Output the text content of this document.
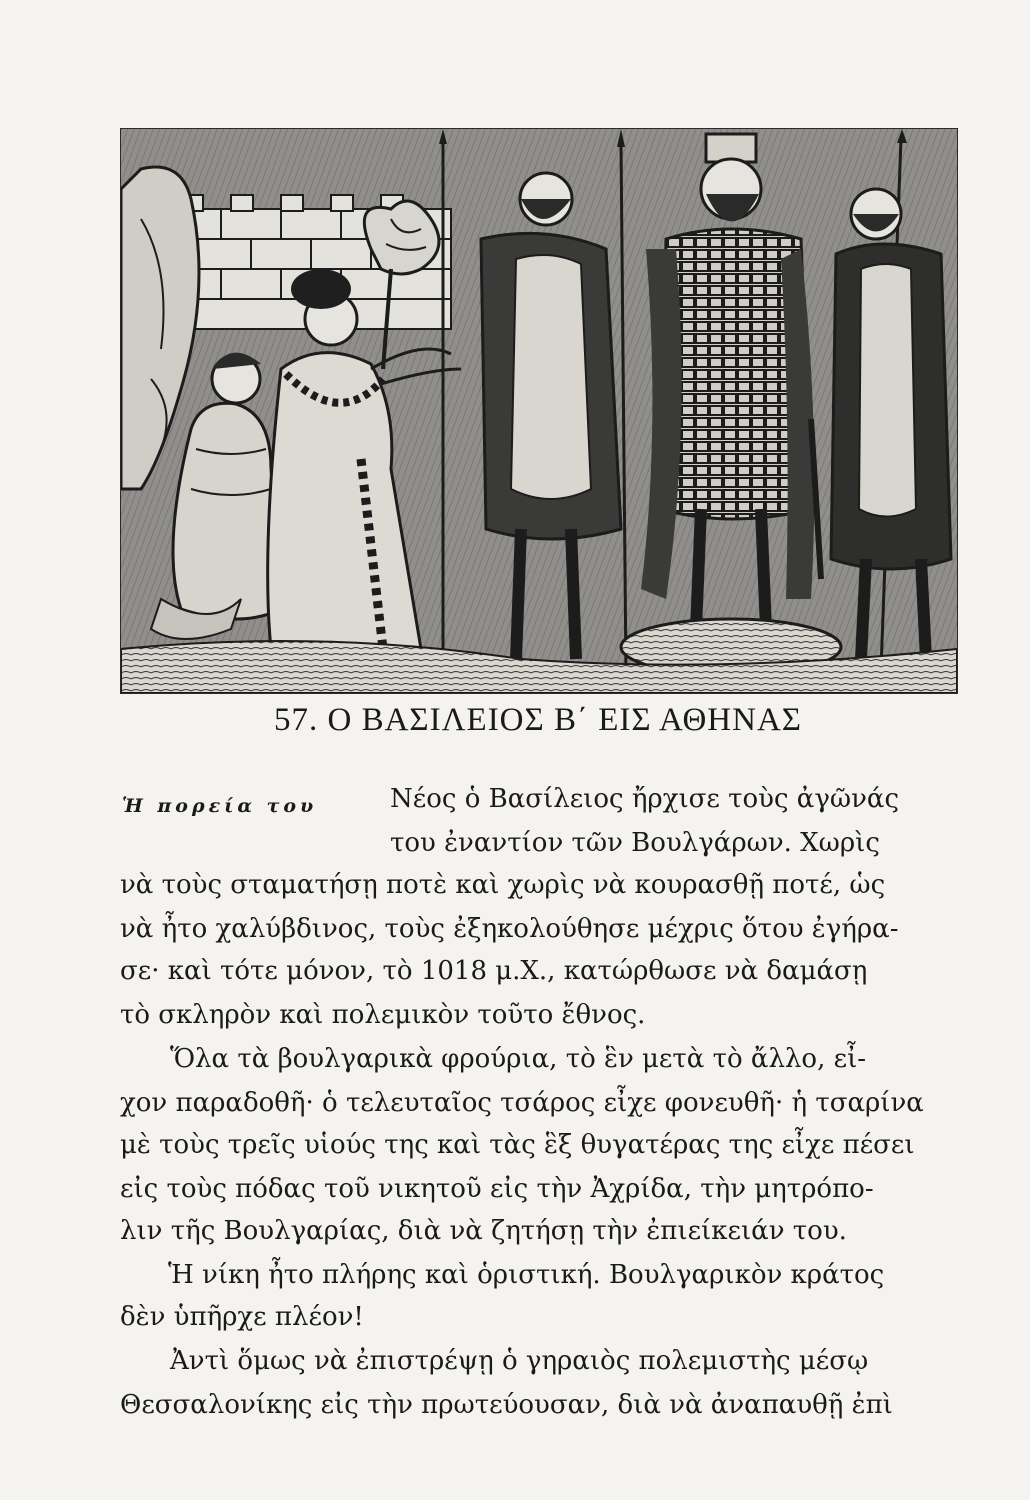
57. Ο ΒΑΣΙΛΕΙΟΣ Β΄ ΕΙΣ ΑΘΗΝΑΣ
Ἡ πορεία του	Νέος ὁ Βασίλειος ἤρχισε τοὺς ἀγῶνάς
του ἐναντίον τῶν Βουλγάρων. Χωρὶς
νὰ τοὺς σταματήσῃ ποτὲ καὶ χωρὶς νὰ κουρασθῇ ποτέ, ὡς
νὰ ἦτο χαλύβδινος, τοὺς ἐξηκολούθησε μέχρις ὅτου ἐγήρα-
σε· καὶ τότε μόνον, τὸ 1018 μ.Χ., κατώρθωσε νὰ δαμάσῃ
τὸ σκληρὸν καὶ πολεμικὸν τοῦτο ἔθνος.
Ὅλα τὰ βουλγαρικὰ φρούρια, τὸ ἓν μετὰ τὸ ἄλλο, εἶ-
χον παραδοθῆ· ὁ τελευταῖος τσάρος εἶχε φονευθῆ· ἡ τσαρίνα
μὲ τοὺς τρεῖς υἱούς της καὶ τὰς ἓξ θυγατέρας της εἶχε πέσει
εἰς τοὺς πόδας τοῦ νικητοῦ εἰς τὴν Ἀχρίδα, τὴν μητρόπο-
λιν τῆς Βουλγαρίας, διὰ νὰ ζητήσῃ τὴν ἐπιείκειάν του.
Ἡ νίκη ἦτο πλήρης καὶ ὁριστική. Βουλγαρικὸν κράτος
δὲν ὑπῆρχε πλέον!
Ἀντὶ ὅμως νὰ ἐπιστρέψῃ ὁ γηραιὸς πολεμιστὴς μέσῳ
Θεσσαλονίκης εἰς τὴν πρωτεύουσαν, διὰ νὰ ἀναπαυθῇ ἐπὶ
